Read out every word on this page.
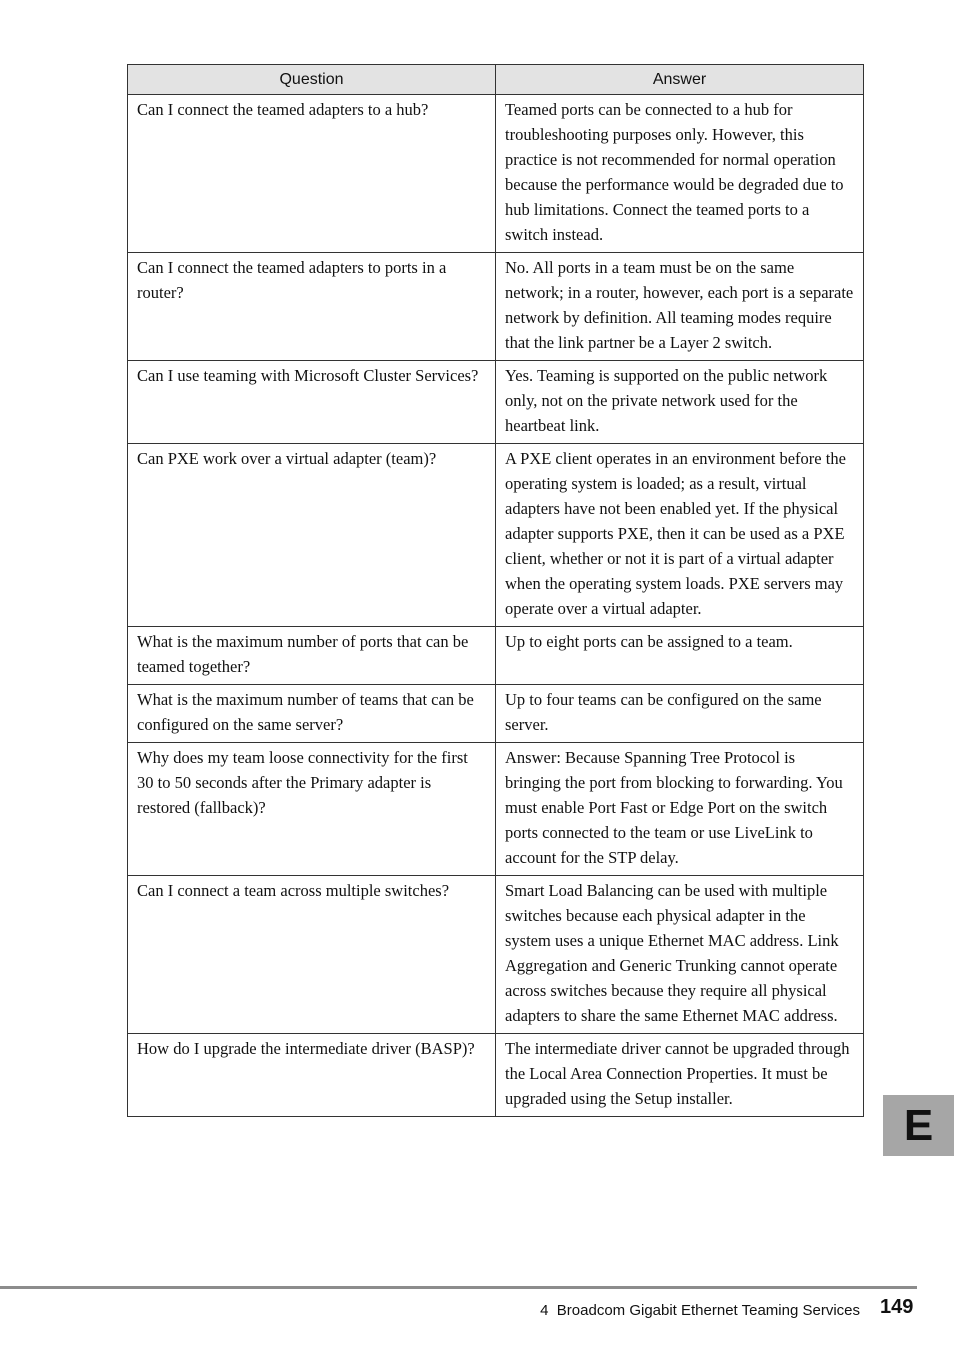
Question	Answer
Can I connect the teamed adapters to a hub?	Teamed ports can be connected to a hub for troubleshooting purposes only. However, this practice is not recommended for normal operation because the performance would be degraded due to hub limitations. Connect the teamed ports to a switch instead.
Can I connect the teamed adapters to ports in a router?	No. All ports in a team must be on the same network; in a router, however, each port is a separate network by definition. All teaming modes require that the link partner be a Layer 2 switch.
Can I use teaming with Microsoft Cluster Services?	Yes. Teaming is supported on the public network only, not on the private network used for the heartbeat link.
Can PXE work over a virtual adapter (team)?	A PXE client operates in an environment before the operating system is loaded; as a result, virtual adapters have not been enabled yet. If the physical adapter supports PXE, then it can be used as a PXE client, whether or not it is part of a virtual adapter when the operating system loads. PXE servers may operate over a virtual adapter.
What is the maximum number of ports that can be teamed together?	Up to eight ports can be assigned to a team.
What is the maximum number of teams that can be configured on the same server?	Up to four teams can be configured on the same server.
Why does my team loose connectivity for the first 30 to 50 seconds after the Primary adapter is restored (fallback)?	Answer: Because Spanning Tree Protocol is bringing the port from blocking to forwarding. You must enable Port Fast or Edge Port on the switch ports connected to the team or use LiveLink to account for the STP delay.
Can I connect a team across multiple switches?	Smart Load Balancing can be used with multiple switches because each physical adapter in the system uses a unique Ethernet MAC address. Link Aggregation and Generic Trunking cannot operate across switches because they require all physical adapters to share the same Ethernet MAC address.
How do I upgrade the intermediate driver (BASP)?	The intermediate driver cannot be upgraded through the Local Area Connection Properties. It must be upgraded using the Setup installer.
E
4  Broadcom Gigabit Ethernet Teaming Services 149
